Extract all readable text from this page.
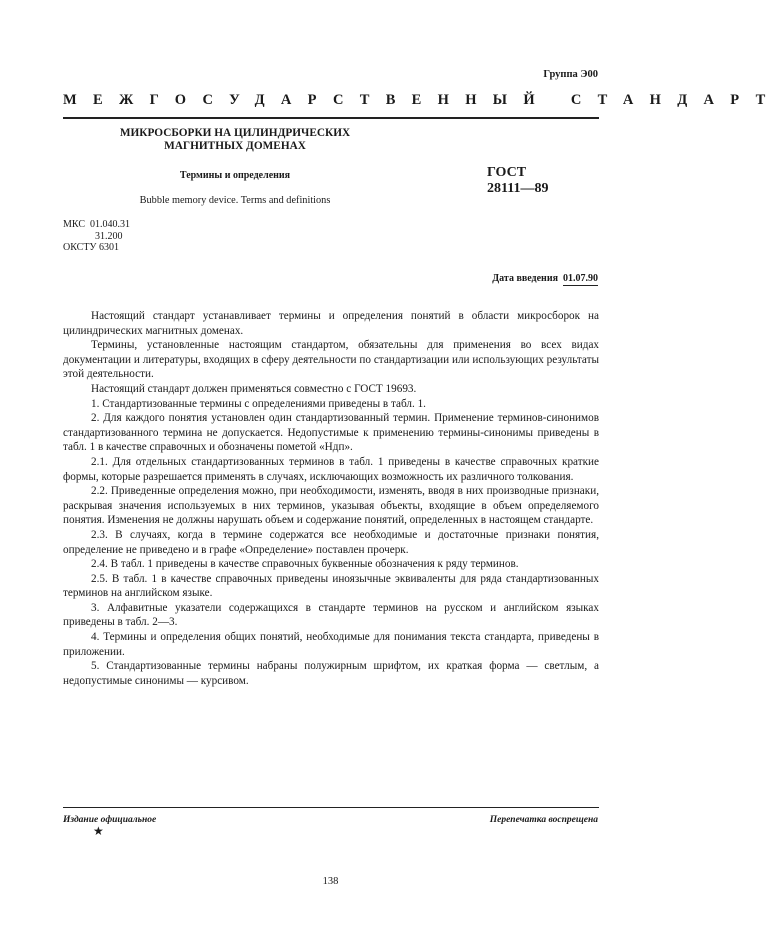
Группа Э00
МЕЖГОСУДАРСТВЕННЫЙ СТАНДАРТ
МИКРОСБОРКИ НА ЦИЛИНДРИЧЕСКИХ
МАГНИТНЫХ ДОМЕНАХ
Термины и определения
Bubble memory device. Terms and definitions
ГОСТ
28111—89
МКС 01.040.31
31.200
ОКСТУ 6301
Дата введения 01.07.90

Настоящий стандарт устанавливает термины и определения понятий в области микросборок на цилиндрических магнитных доменах.

Термины, установленные настоящим стандартом, обязательны для применения во всех видах документации и литературы, входящих в сферу деятельности по стандартизации или использующих результаты этой деятельности.

Настоящий стандарт должен применяться совместно с ГОСТ 19693.

1. Стандартизованные термины с определениями приведены в табл. 1.

2. Для каждого понятия установлен один стандартизованный термин. Применение терминов-синонимов стандартизованного термина не допускается. Недопустимые к применению термины-синонимы приведены в табл. 1 в качестве справочных и обозначены пометой «Ндп».

2.1. Для отдельных стандартизованных терминов в табл. 1 приведены в качестве справочных краткие формы, которые разрешается применять в случаях, исключающих возможность их различного толкования.

2.2. Приведенные определения можно, при необходимости, изменять, вводя в них производные признаки, раскрывая значения используемых в них терминов, указывая объекты, входящие в объем определяемого понятия. Изменения не должны нарушать объем и содержание понятий, определенных в настоящем стандарте.

2.3. В случаях, когда в термине содержатся все необходимые и достаточные признаки понятия, определение не приведено и в графе «Определение» поставлен прочерк.

2.4. В табл. 1 приведены в качестве справочных буквенные обозначения к ряду терминов.

2.5. В табл. 1 в качестве справочных приведены иноязычные эквиваленты для ряда стандартизованных терминов на английском языке.

3. Алфавитные указатели содержащихся в стандарте терминов на русском и английском языках приведены в табл. 2—3.

4. Термины и определения общих понятий, необходимые для понимания текста стандарта, приведены в приложении.

5. Стандартизованные термины набраны полужирным шрифтом, их краткая форма — светлым, а недопустимые синонимы — курсивом.

Издание официальное	Перепечатка воспрещена
★
138
